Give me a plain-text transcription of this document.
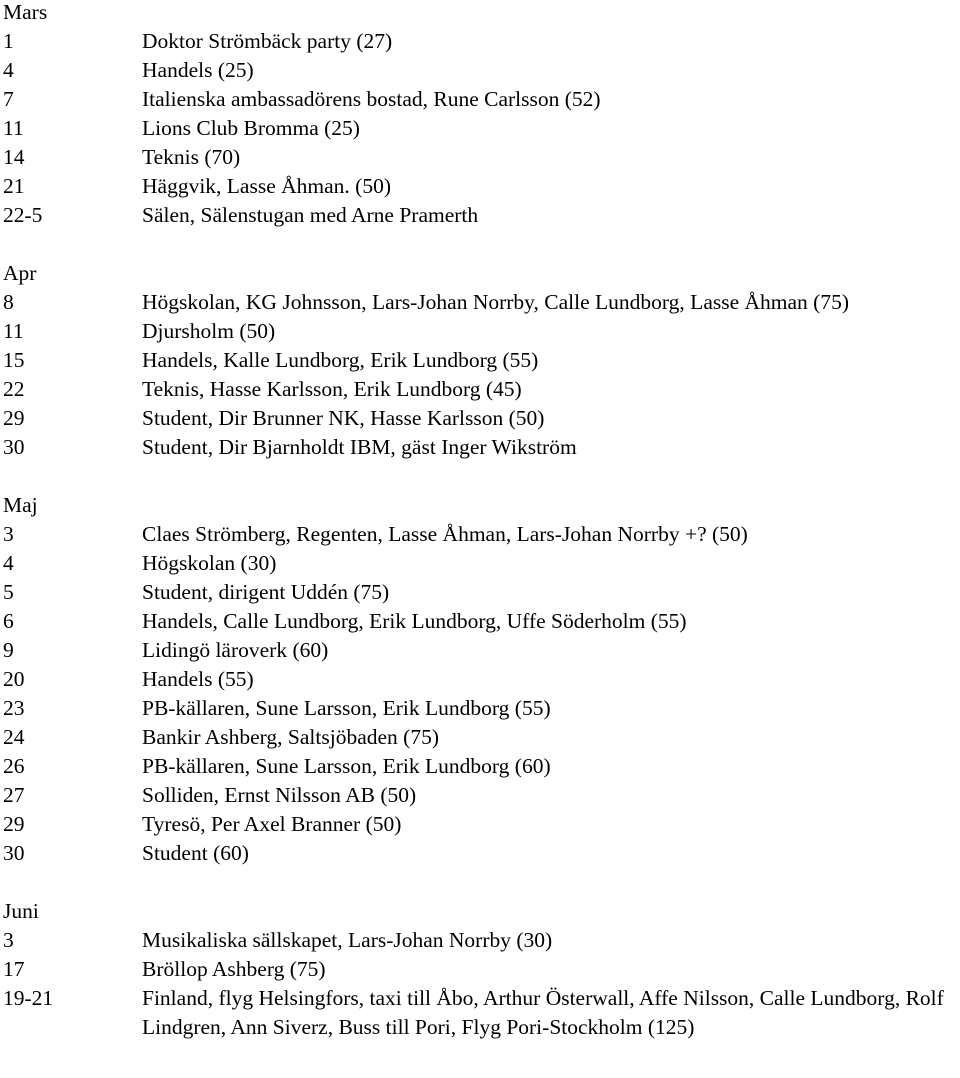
Mars
1	Doktor Strömbäck party (27)
4	Handels (25)
7	Italienska ambassadörens bostad, Rune Carlsson (52)
11	Lions Club Bromma (25)
14	Teknis (70)
21	Häggvik, Lasse Åhman. (50)
22-5	Sälen, Sälenstugan med Arne Pramerth
Apr
8	Högskolan, KG Johnsson, Lars-Johan Norrby, Calle Lundborg, Lasse Åhman (75)
11	Djursholm (50)
15	Handels, Kalle Lundborg, Erik Lundborg (55)
22	Teknis, Hasse Karlsson, Erik Lundborg (45)
29	Student, Dir Brunner NK, Hasse Karlsson (50)
30	Student, Dir Bjarnholdt IBM, gäst Inger Wikström
Maj
3	Claes Strömberg, Regenten, Lasse Åhman, Lars-Johan Norrby +? (50)
4	Högskolan (30)
5	Student, dirigent Uddén (75)
6	Handels, Calle Lundborg, Erik Lundborg, Uffe Söderholm (55)
9	Lidingö läroverk (60)
20	Handels (55)
23	PB-källaren, Sune Larsson, Erik Lundborg (55)
24	Bankir Ashberg, Saltsjöbaden (75)
26	PB-källaren, Sune Larsson, Erik Lundborg (60)
27	Solliden, Ernst Nilsson AB (50)
29	Tyresö, Per Axel Branner (50)
30	Student (60)
Juni
3	Musikaliska sällskapet, Lars-Johan Norrby (30)
17	Bröllop Ashberg (75)
19-21	Finland, flyg Helsingfors, taxi till Åbo, Arthur Österwall, Affe Nilsson, Calle Lundborg, Rolf Lindgren, Ann Siverz, Buss till Pori, Flyg Pori-Stockholm (125)
